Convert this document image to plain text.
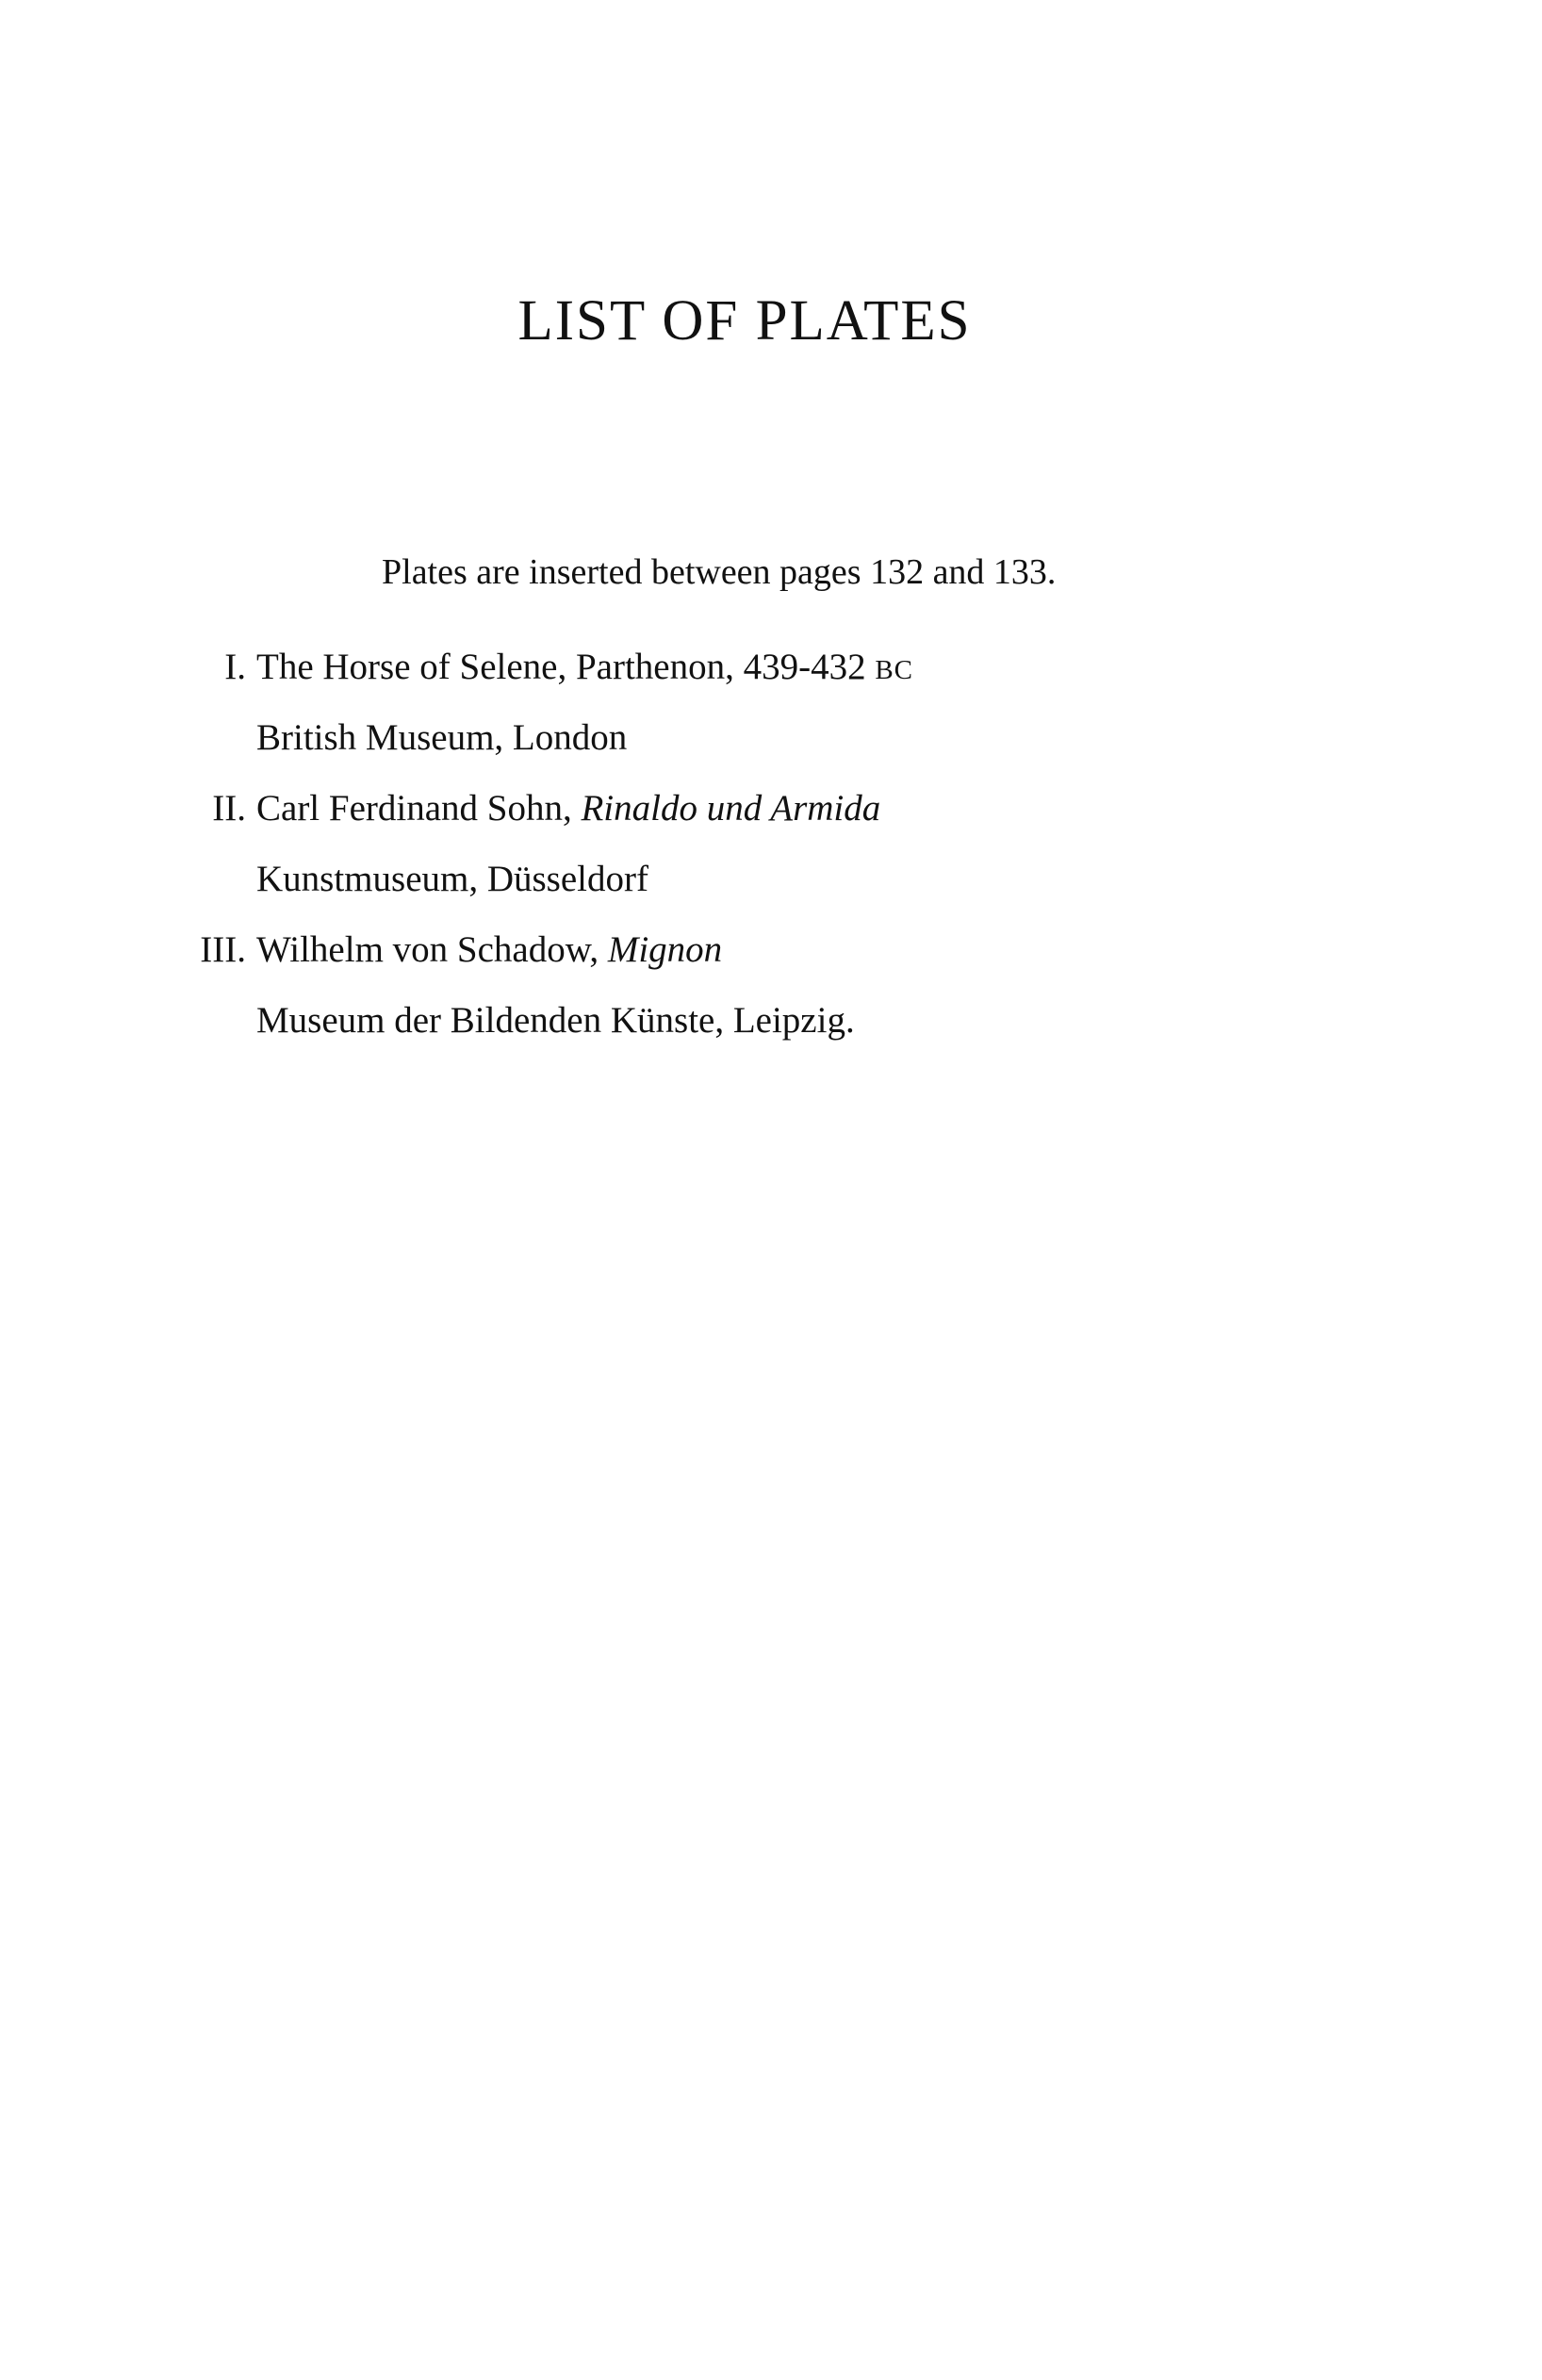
LIST OF PLATES
Plates are inserted between pages 132 and 133.
I. The Horse of Selene, Parthenon, 439-432 BC
British Museum, London
II. Carl Ferdinand Sohn, Rinaldo und Armida
Kunstmuseum, Düsseldorf
III. Wilhelm von Schadow, Mignon
Museum der Bildenden Künste, Leipzig.
